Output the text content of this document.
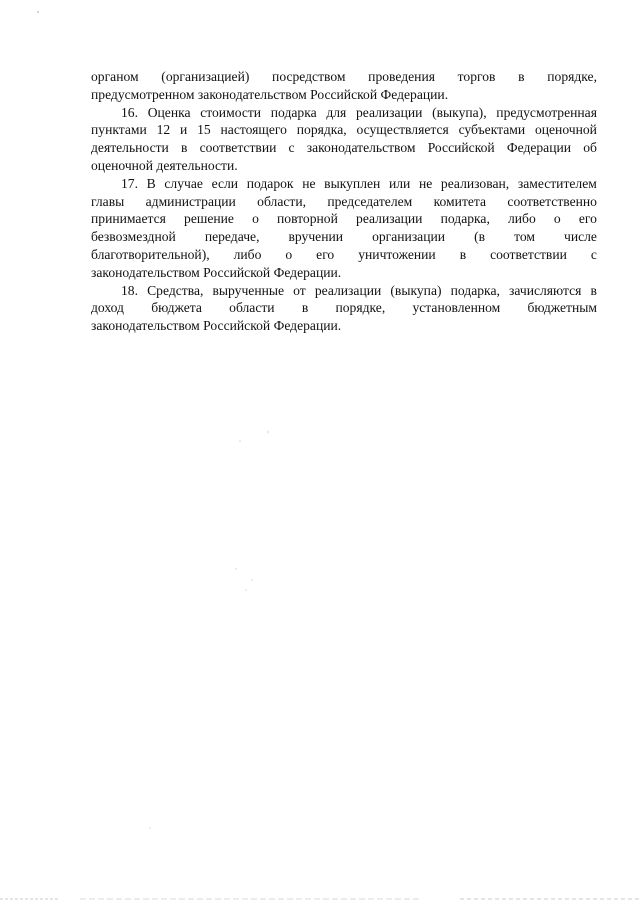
органом (организацией) посредством проведения торгов в порядке,
предусмотренном законодательством Российской Федерации.
16. Оценка стоимости подарка для реализации (выкупа), предусмотренная
пунктами 12 и 15 настоящего порядка, осуществляется субъектами оценочной
деятельности в соответствии с законодательством Российской Федерации об
оценочной деятельности.
17. В случае если подарок не выкуплен или не реализован, заместителем
главы администрации области, председателем комитета соответственно
принимается решение о повторной реализации подарка, либо о его
безвозмездной передаче, вручении организации (в том числе
благотворительной), либо о его уничтожении в соответствии с
законодательством Российской Федерации.
18. Средства, вырученные от реализации (выкупа) подарка, зачисляются в
доход бюджета области в порядке, установленном бюджетным
законодательством Российской Федерации.
